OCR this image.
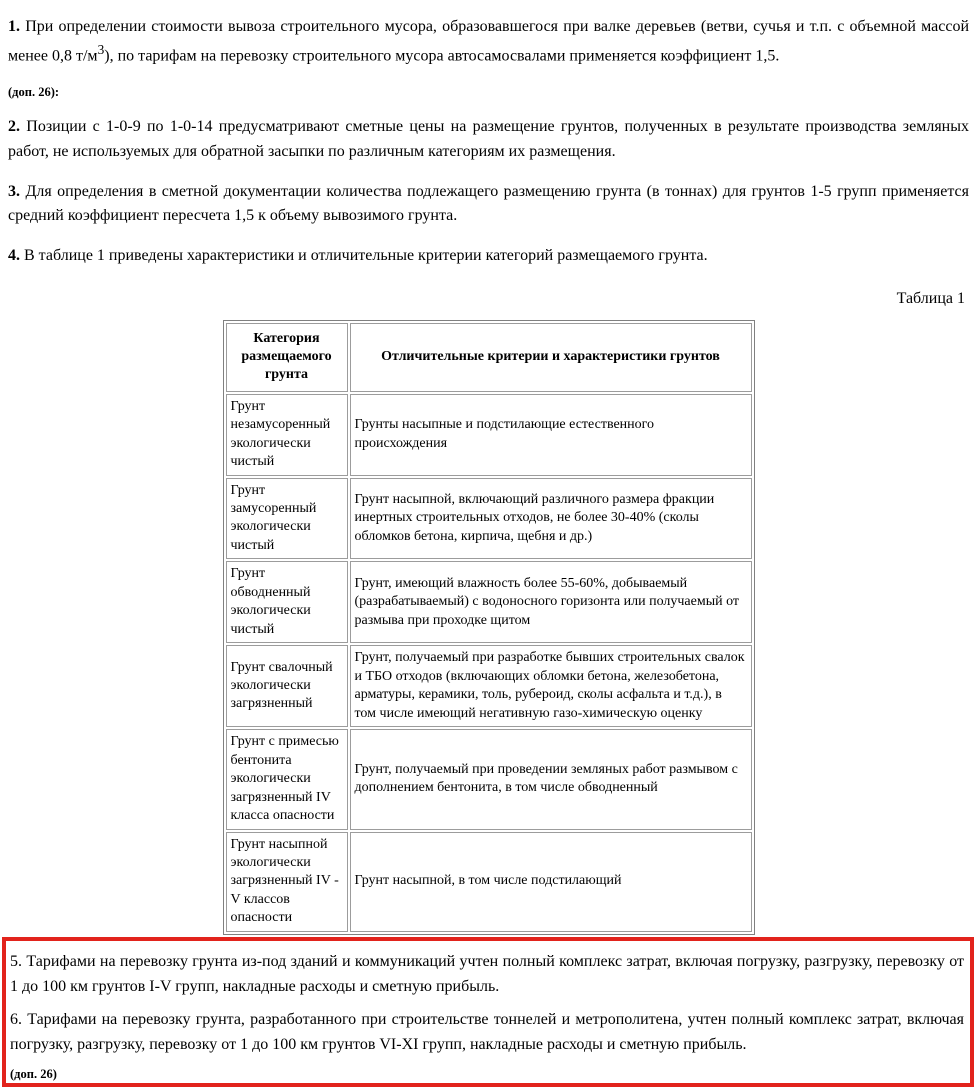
1. При определении стоимости вывоза строительного мусора, образовавшегося при валке деревьев (ветви, сучья и т.п. с объемной массой менее 0,8 $т/м^3$), по тарифам на перевозку строительного мусора автосамосвалами применяется коэффициент 1,5.

(доп. 26):

2. Позиции с 1-0-9 по 1-0-14 предусматривают сметные цены на размещение грунтов, полученных в результате производства земляных работ, не используемых для обратной засыпки по различным категориям их размещения.

3. Для определения в сметной документации количества подлежащего размещению грунта (в тоннах) для грунтов 1-5 групп применяется средний коэффициент пересчета 1,5 к объему вывозимого грунта.

4. В таблице 1 приведены характеристики и отличительные критерии категорий размещаемого грунта.

Таблица 1
Категория размещаемого грунта	Отличительные критерии и характеристики грунтов
Грунт незамусоренный экологически чистый	Грунты насыпные и подстилающие естественного происхождения
Грунт замусоренный экологически чистый	Грунт насыпной, включающий различного размера фракции инертных строительных отходов, не более 30-40% (сколы обломков бетона, кирпича, щебня и др.)
Грунт обводненный экологически чистый	Грунт, имеющий влажность более 55-60%, добываемый (разрабатываемый) с водоносного горизонта или получаемый от размыва при проходке щитом
Грунт свалочный экологически загрязненный	Грунт, получаемый при разработке бывших строительных свалок и ТБО отходов (включающих обломки бетона, железобетона, арматуры, керамики, толь, рубероид, сколы асфальта и т.д.), в том числе имеющий негативную газо-химическую оценку
Грунт с примесью бентонита экологически загрязненный IV класса опасности	Грунт, получаемый при проведении земляных работ размывом с дополнением бентонита, в том числе обводненный
Грунт насыпной экологически загрязненный IV - V классов опасности	Грунт насыпной, в том числе подстилающий

5. Тарифами на перевозку грунта из-под зданий и коммуникаций учтен полный комплекс затрат, включая погрузку, разгрузку, перевозку от 1 до 100 км грунтов I-V групп, накладные расходы и сметную прибыль.

6. Тарифами на перевозку грунта, разработанного при строительстве тоннелей и метрополитена, учтен полный комплекс затрат, включая погрузку, разгрузку, перевозку от 1 до 100 км грунтов VI-XI групп, накладные расходы и сметную прибыль.

(доп. 26)
